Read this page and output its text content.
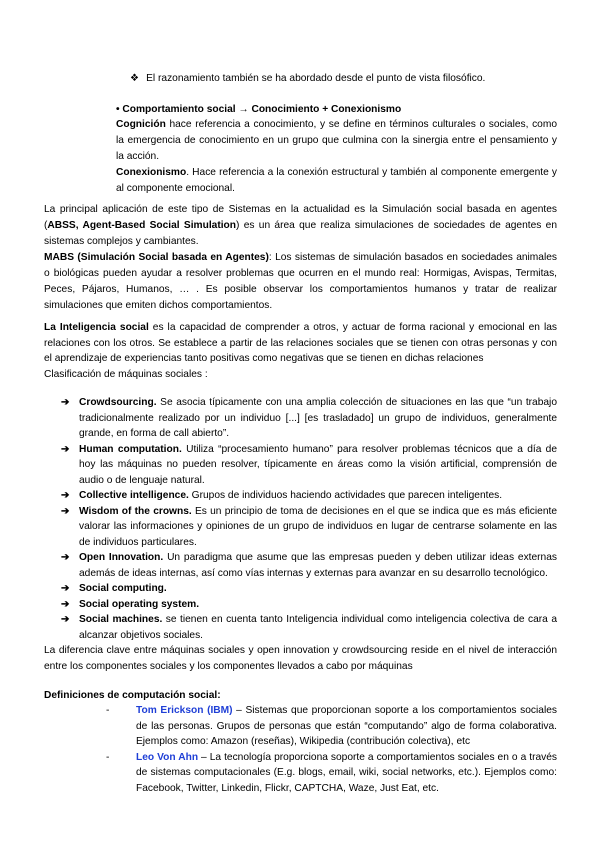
❖ El razonamiento también se ha abordado desde el punto de vista filosófico.

• Comportamiento social → Conocimiento + Conexionismo

Cognición hace referencia a conocimiento, y se define en términos culturales o sociales, como la emergencia de conocimiento en un grupo que culmina con la sinergia entre el pensamiento y la acción.

Conexionismo. Hace referencia a la conexión estructural y también al componente emergente y al componente emocional.

La principal aplicación de este tipo de Sistemas en la actualidad es la Simulación social basada en agentes (ABSS, Agent-Based Social Simulation) es un área que realiza simulaciones de sociedades de agentes en sistemas complejos y cambiantes.

MABS (Simulación Social basada en Agentes): Los sistemas de simulación basados en sociedades animales o biológicas pueden ayudar a resolver problemas que ocurren en el mundo real: Hormigas, Avispas, Termitas, Peces, Pájaros, Humanos, … . Es posible observar los comportamientos humanos y tratar de realizar simulaciones que emiten dichos comportamientos.

La Inteligencia social es la capacidad de comprender a otros, y actuar de forma racional y emocional en las relaciones con los otros. Se establece a partir de las relaciones sociales que se tienen con otras personas y con el aprendizaje de experiencias tanto positivas como negativas que se tienen en dichas relaciones

Clasificación de máquinas sociales :

➔ Crowdsourcing. Se asocia típicamente con una amplia colección de situaciones en las que “un trabajo tradicionalmente realizado por un individuo [...] [es trasladado] un grupo de individuos, generalmente grande, en forma de call abierto”.
➔ Human computation. Utiliza “procesamiento humano” para resolver problemas técnicos que a día de hoy las máquinas no pueden resolver, típicamente en áreas como la visión artificial, comprensión de audio o de lenguaje natural.
➔ Collective intelligence. Grupos de individuos haciendo actividades que parecen inteligentes.
➔ Wisdom of the crowns. Es un principio de toma de decisiones en el que se indica que es más eficiente valorar las informaciones y opiniones de un grupo de individuos en lugar de centrarse solamente en las de individuos particulares.
➔ Open Innovation. Un paradigma que asume que las empresas pueden y deben utilizar ideas externas además de ideas internas, así como vías internas y externas para avanzar en su desarrollo tecnológico.
➔ Social computing.
➔ Social operating system.
➔ Social machines. se tienen en cuenta tanto Inteligencia individual como inteligencia colectiva de cara a alcanzar objetivos sociales.

La diferencia clave entre máquinas sociales y open innovation y crowdsourcing reside en el nivel de interacción entre los componentes sociales y los componentes llevados a cabo por máquinas

Definiciones de computación social:

-	Tom Erickson (IBM) – Sistemas que proporcionan soporte a los comportamientos sociales de las personas. Grupos de personas que están “computando” algo de forma colaborativa. Ejemplos como: Amazon (reseñas), Wikipedia (contribución colectiva), etc
-	Leo Von Ahn – La tecnología proporciona soporte a comportamientos sociales en o a través de sistemas computacionales (E.g. blogs, email, wiki, social networks, etc.). Ejemplos como: Facebook, Twitter, Linkedin, Flickr, CAPTCHA, Waze, Just Eat, etc.
